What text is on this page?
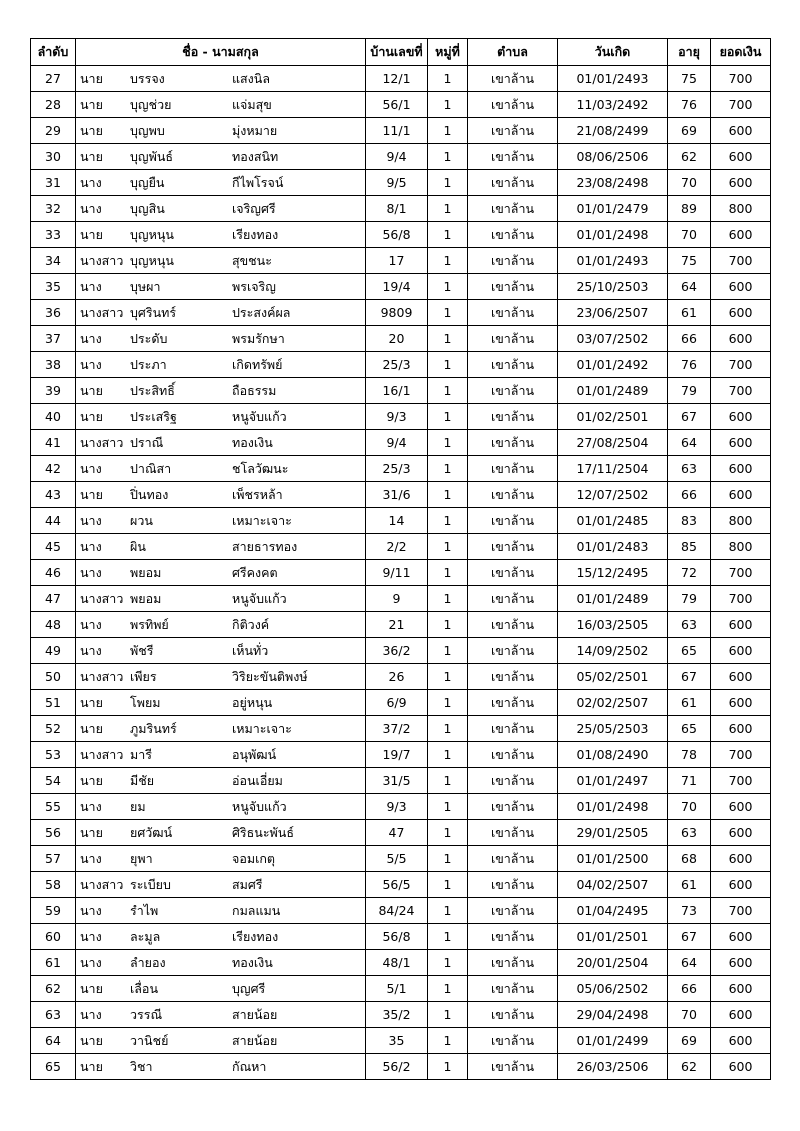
ลำดับ	ชื่อ - นามสกุล	บ้านเลขที่	หมู่ที่	ตำบล	วันเกิด	อายุ	ยอดเงิน
27	นาย บรรจง แสงนิล	12/1	1	เขาล้าน	01/01/2493	75	700
28	นาย บุญช่วย แจ่มสุข	56/1	1	เขาล้าน	11/03/2492	76	700
29	นาย บุญพบ มุ่งหมาย	11/1	1	เขาล้าน	21/08/2499	69	600
30	นาย บุญพันธ์ ทองสนิท	9/4	1	เขาล้าน	08/06/2506	62	600
31	นาง บุญยืน กีไพโรจน์	9/5	1	เขาล้าน	23/08/2498	70	600
32	นาง บุญสิน เจริญศรี	8/1	1	เขาล้าน	01/01/2479	89	800
33	นาย บุญหนุน เรียงทอง	56/8	1	เขาล้าน	01/01/2498	70	600
34	นางสาว บุญหนุน สุขชนะ	17	1	เขาล้าน	01/01/2493	75	700
35	นาง บุษผา พรเจริญ	19/4	1	เขาล้าน	25/10/2503	64	600
36	นางสาว บุศรินทร์ ประสงค์ผล	9809	1	เขาล้าน	23/06/2507	61	600
37	นาง ประดับ พรมรักษา	20	1	เขาล้าน	03/07/2502	66	600
38	นาง ประภา เกิดทรัพย์	25/3	1	เขาล้าน	01/01/2492	76	700
39	นาย ประสิทธิ์ ถือธรรม	16/1	1	เขาล้าน	01/01/2489	79	700
40	นาย ประเสริฐ หนูจับแก้ว	9/3	1	เขาล้าน	01/02/2501	67	600
41	นางสาว ปราณี ทองเงิน	9/4	1	เขาล้าน	27/08/2504	64	600
42	นาง ปาณิสา ชโลวัฒนะ	25/3	1	เขาล้าน	17/11/2504	63	600
43	นาย ปิ่นทอง เพ็ชรหล้า	31/6	1	เขาล้าน	12/07/2502	66	600
44	นาง ผวน เหมาะเจาะ	14	1	เขาล้าน	01/01/2485	83	800
45	นาง ผิน สายธารทอง	2/2	1	เขาล้าน	01/01/2483	85	800
46	นาง พยอม ศรีคงคต	9/11	1	เขาล้าน	15/12/2495	72	700
47	นางสาว พยอม หนูจับแก้ว	9	1	เขาล้าน	01/01/2489	79	700
48	นาง พรทิพย์ กิติวงค์	21	1	เขาล้าน	16/03/2505	63	600
49	นาง พัชรี เห็นทั่ว	36/2	1	เขาล้าน	14/09/2502	65	600
50	นางสาว เพียร วิริยะขันติพงษ์	26	1	เขาล้าน	05/02/2501	67	600
51	นาย โพยม อยู่หนุน	6/9	1	เขาล้าน	02/02/2507	61	600
52	นาย ภูมรินทร์ เหมาะเจาะ	37/2	1	เขาล้าน	25/05/2503	65	600
53	นางสาว มารี อนุพัฒน์	19/7	1	เขาล้าน	01/08/2490	78	700
54	นาย มีชัย อ่อนเอี่ยม	31/5	1	เขาล้าน	01/01/2497	71	700
55	นาง ยม หนูจับแก้ว	9/3	1	เขาล้าน	01/01/2498	70	600
56	นาย ยศวัฒน์ ศิริธนะพันธ์	47	1	เขาล้าน	29/01/2505	63	600
57	นาง ยุพา จอมเกตุ	5/5	1	เขาล้าน	01/01/2500	68	600
58	นางสาว ระเบียบ สมศรี	56/5	1	เขาล้าน	04/02/2507	61	600
59	นาง รำไพ กมลแมน	84/24	1	เขาล้าน	01/04/2495	73	700
60	นาง ละมูล เรียงทอง	56/8	1	เขาล้าน	01/01/2501	67	600
61	นาง ลำยอง ทองเงิน	48/1	1	เขาล้าน	20/01/2504	64	600
62	นาย เลื่อน บุญศรี	5/1	1	เขาล้าน	05/06/2502	66	600
63	นาง วรรณี สายน้อย	35/2	1	เขาล้าน	29/04/2498	70	600
64	นาย วานิชย์ สายน้อย	35	1	เขาล้าน	01/01/2499	69	600
65	นาย วิชา กัณหา	56/2	1	เขาล้าน	26/03/2506	62	600
